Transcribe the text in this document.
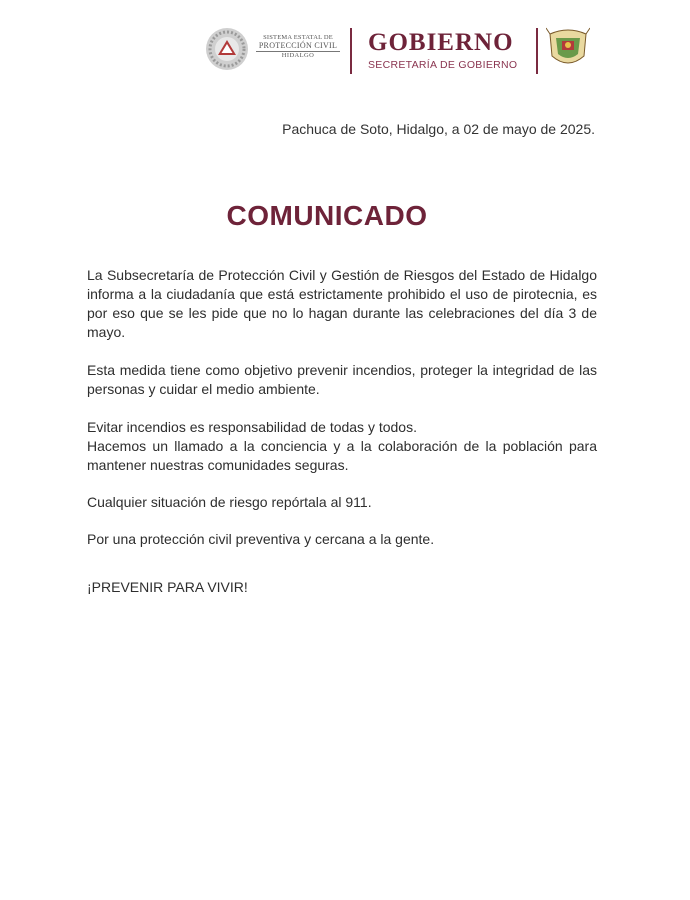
SISTEMA ESTATAL DE
PROTECCIÓN CIVIL
HIDALGO	GOBIERNO
SECRETARÍA DE GOBIERNO
Pachuca de Soto, Hidalgo, a 02 de mayo de 2025.
COMUNICADO

La Subsecretaría de Protección Civil y Gestión de Riesgos del Estado de Hidalgo informa a la ciudadanía que está estrictamente prohibido el uso de pirotecnia, es por eso que se les pide que no lo hagan durante las celebraciones del día 3 de mayo.

Esta medida tiene como objetivo prevenir incendios, proteger la integridad de las personas y cuidar el medio ambiente.

Evitar incendios es responsabilidad de todas y todos.

Hacemos un llamado a la conciencia y a la colaboración de la población para mantener nuestras comunidades seguras.

Cualquier situación de riesgo repórtala al 911.

Por una protección civil preventiva y cercana a la gente.

¡PREVENIR PARA VIVIR!
